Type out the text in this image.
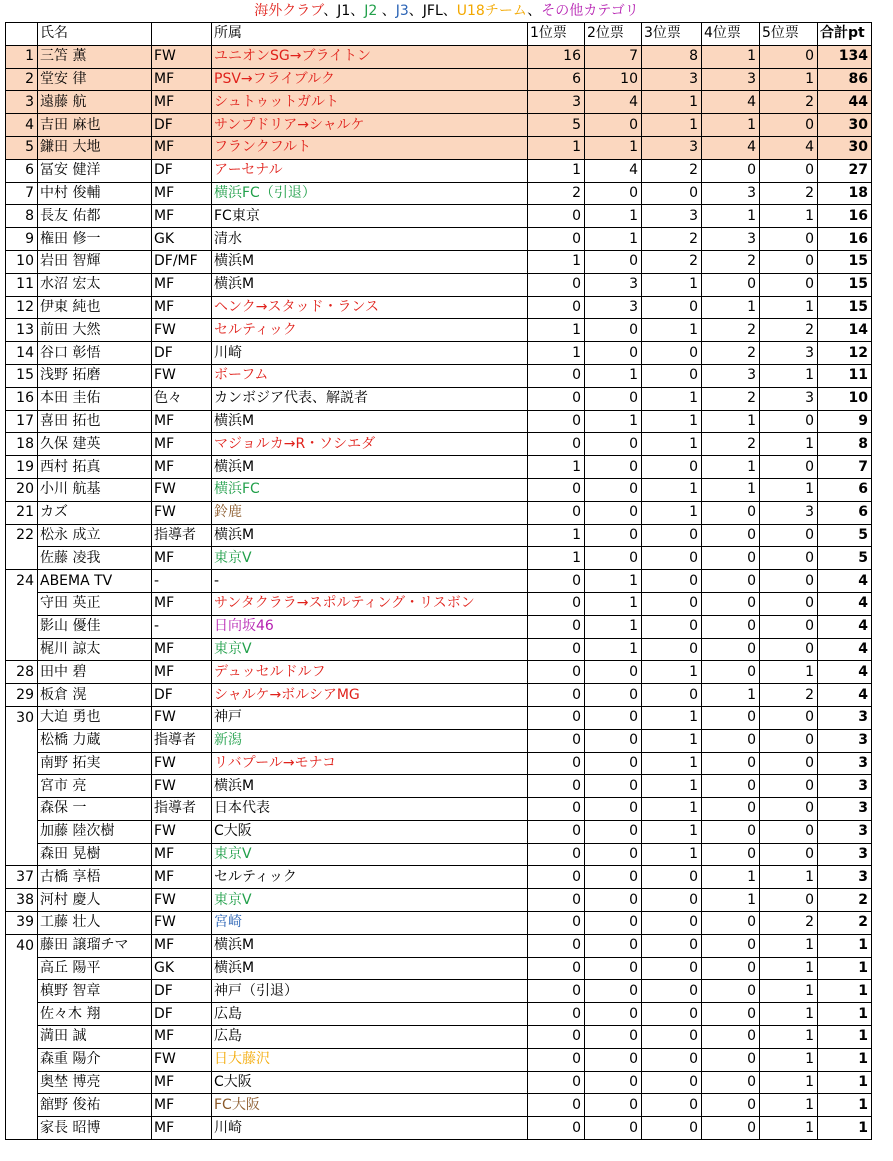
海外クラブ、J1、J2 、J3、JFL、U18チーム、その他カテゴリ
	氏名		所属	1位票	2位票	3位票	4位票	5位票	合計pt
1	三笘 薫	FW	ユニオンSG→ブライトン	16	7	8	1	0	134
2	堂安 律	MF	PSV→フライブルク	6	10	3	3	1	86
3	遠藤 航	MF	シュトゥットガルト	3	4	1	4	2	44
4	吉田 麻也	DF	サンプドリア→シャルケ	5	0	1	1	0	30
5	鎌田 大地	MF	フランクフルト	1	1	3	4	4	30
6	冨安 健洋	DF	アーセナル	1	4	2	0	0	27
7	中村 俊輔	MF	横浜FC（引退）	2	0	0	3	2	18
8	長友 佑都	MF	FC東京	0	1	3	1	1	16
9	権田 修一	GK	清水	0	1	2	3	0	16
10	岩田 智輝	DF/MF	横浜M	1	0	2	2	0	15
11	水沼 宏太	MF	横浜M	0	3	1	0	0	15
12	伊東 純也	MF	ヘンク→スタッド・ランス	0	3	0	1	1	15
13	前田 大然	FW	セルティック	1	0	1	2	2	14
14	谷口 彰悟	DF	川崎	1	0	0	2	3	12
15	浅野 拓磨	FW	ボーフム	0	1	0	3	1	11
16	本田 圭佑	色々	カンボジア代表、解説者	0	0	1	2	3	10
17	喜田 拓也	MF	横浜M	0	1	1	1	0	9
18	久保 建英	MF	マジョルカ→R・ソシエダ	0	0	1	2	1	8
19	西村 拓真	MF	横浜M	1	0	0	1	0	7
20	小川 航基	FW	横浜FC	0	0	1	1	1	6
21	カズ	FW	鈴鹿	0	0	1	0	3	6
22	松永 成立	指導者	横浜M	1	0	0	0	0	5
	佐藤 凌我	MF	東京V	1	0	0	0	0	5
24	ABEMA TV	-	-	0	1	0	0	0	4
	守田 英正	MF	サンタクララ→スポルティング・リスボン	0	1	0	0	0	4
	影山 優佳	-	日向坂46	0	1	0	0	0	4
	梶川 諒太	MF	東京V	0	1	0	0	0	4
28	田中 碧	MF	デュッセルドルフ	0	0	1	0	1	4
29	板倉 滉	DF	シャルケ→ボルシアMG	0	0	0	1	2	4
30	大迫 勇也	FW	神戸	0	0	1	0	0	3
	松橋 力蔵	指導者	新潟	0	0	1	0	0	3
	南野 拓実	FW	リバプール→モナコ	0	0	1	0	0	3
	宮市 亮	FW	横浜M	0	0	1	0	0	3
	森保 一	指導者	日本代表	0	0	1	0	0	3
	加藤 陸次樹	FW	C大阪	0	0	1	0	0	3
	森田 晃樹	MF	東京V	0	0	1	0	0	3
37	古橋 享梧	MF	セルティック	0	0	0	1	1	3
38	河村 慶人	FW	東京V	0	0	0	1	0	2
39	工藤 壮人	FW	宮崎	0	0	0	0	2	2
40	藤田 譲瑠チマ	MF	横浜M	0	0	0	0	1	1
	高丘 陽平	GK	横浜M	0	0	0	0	1	1
	槙野 智章	DF	神戸（引退）	0	0	0	0	1	1
	佐々木 翔	DF	広島	0	0	0	0	1	1
	満田 誠	MF	広島	0	0	0	0	1	1
	森重 陽介	FW	日大藤沢	0	0	0	0	1	1
	奥埜 博亮	MF	C大阪	0	0	0	0	1	1
	舘野 俊祐	MF	FC大阪	0	0	0	0	1	1
	家長 昭博	MF	川崎	0	0	0	0	1	1
